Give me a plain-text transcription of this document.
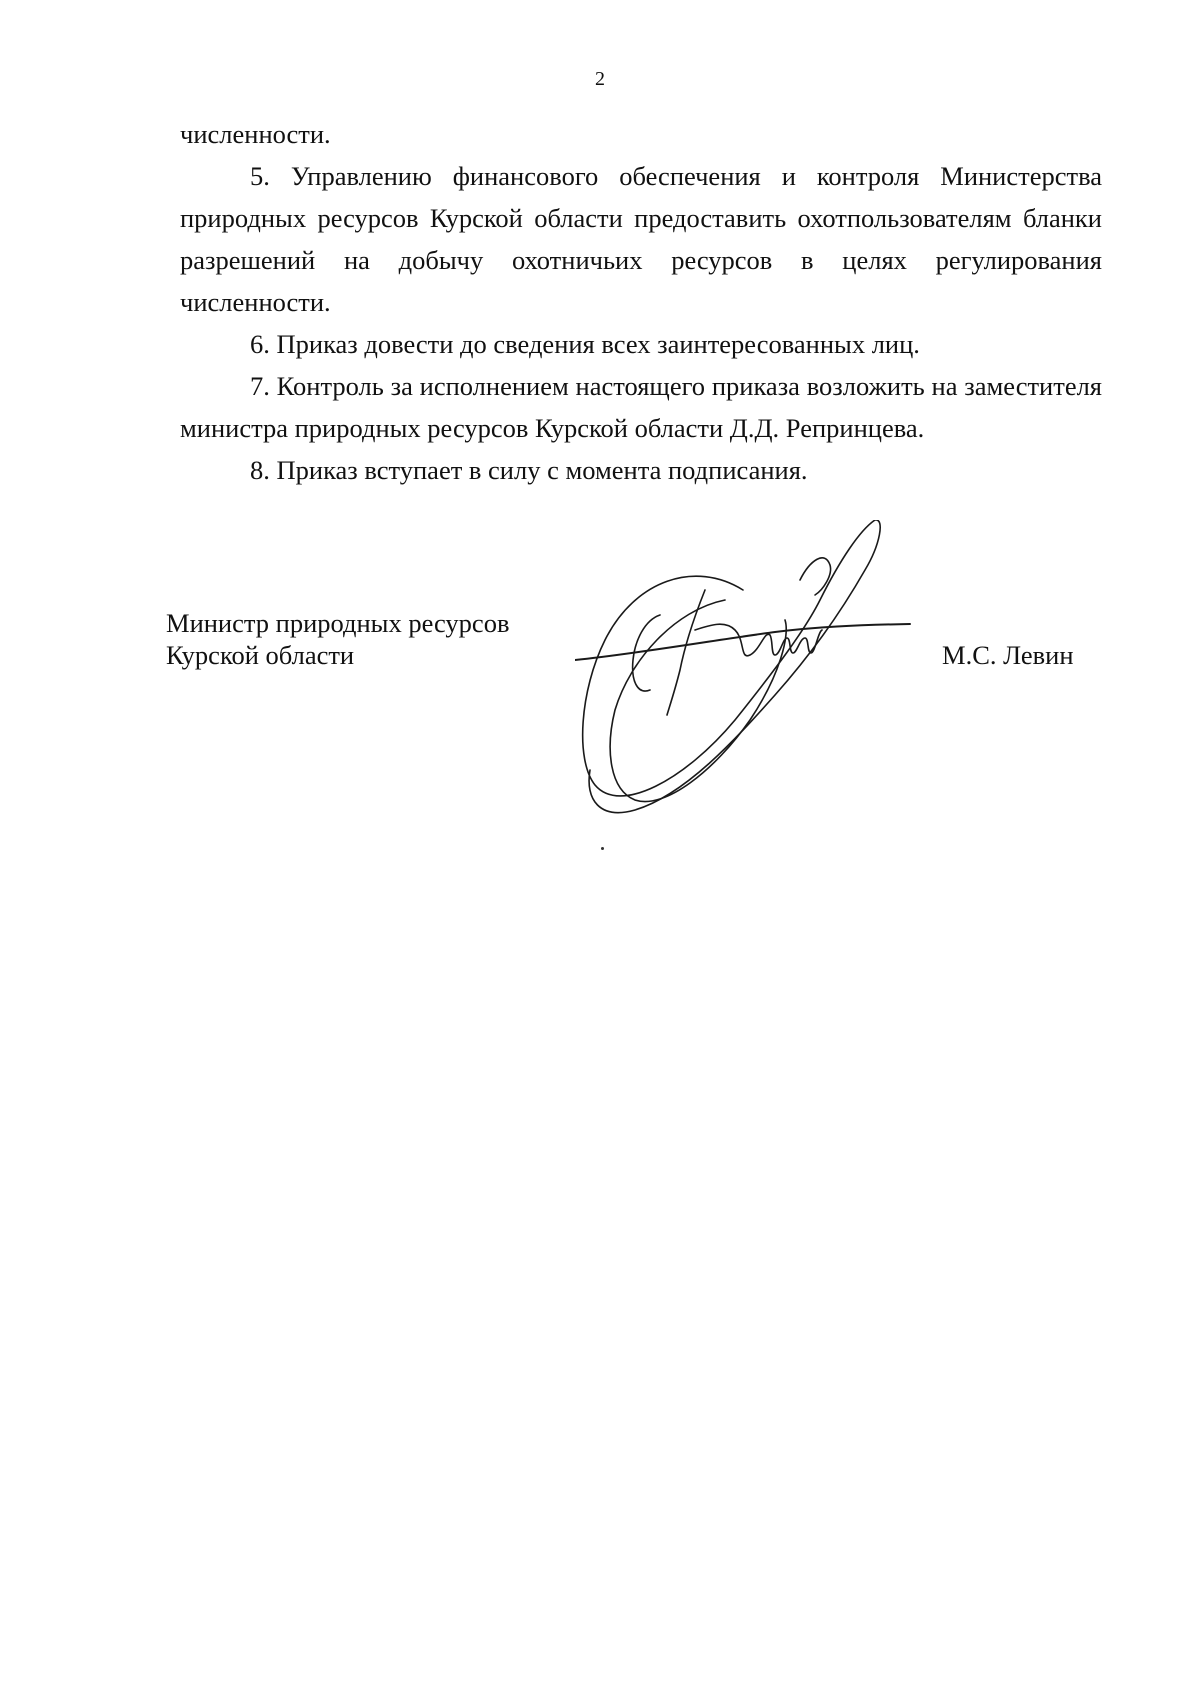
2

численности.

5. Управлению финансового обеспечения и контроля Министерства природных ресурсов Курской области предоставить охотпользователям бланки разрешений на добычу охотничьих ресурсов в целях регулирования численности.

6. Приказ довести до сведения всех заинтересованных лиц.

7. Контроль за исполнением настоящего приказа возложить на заместителя министра природных ресурсов Курской области Д.Д. Репринцева.

8. Приказ вступает в силу с момента подписания.

Министр природных ресурсов
Курской области	М.С. Левин
